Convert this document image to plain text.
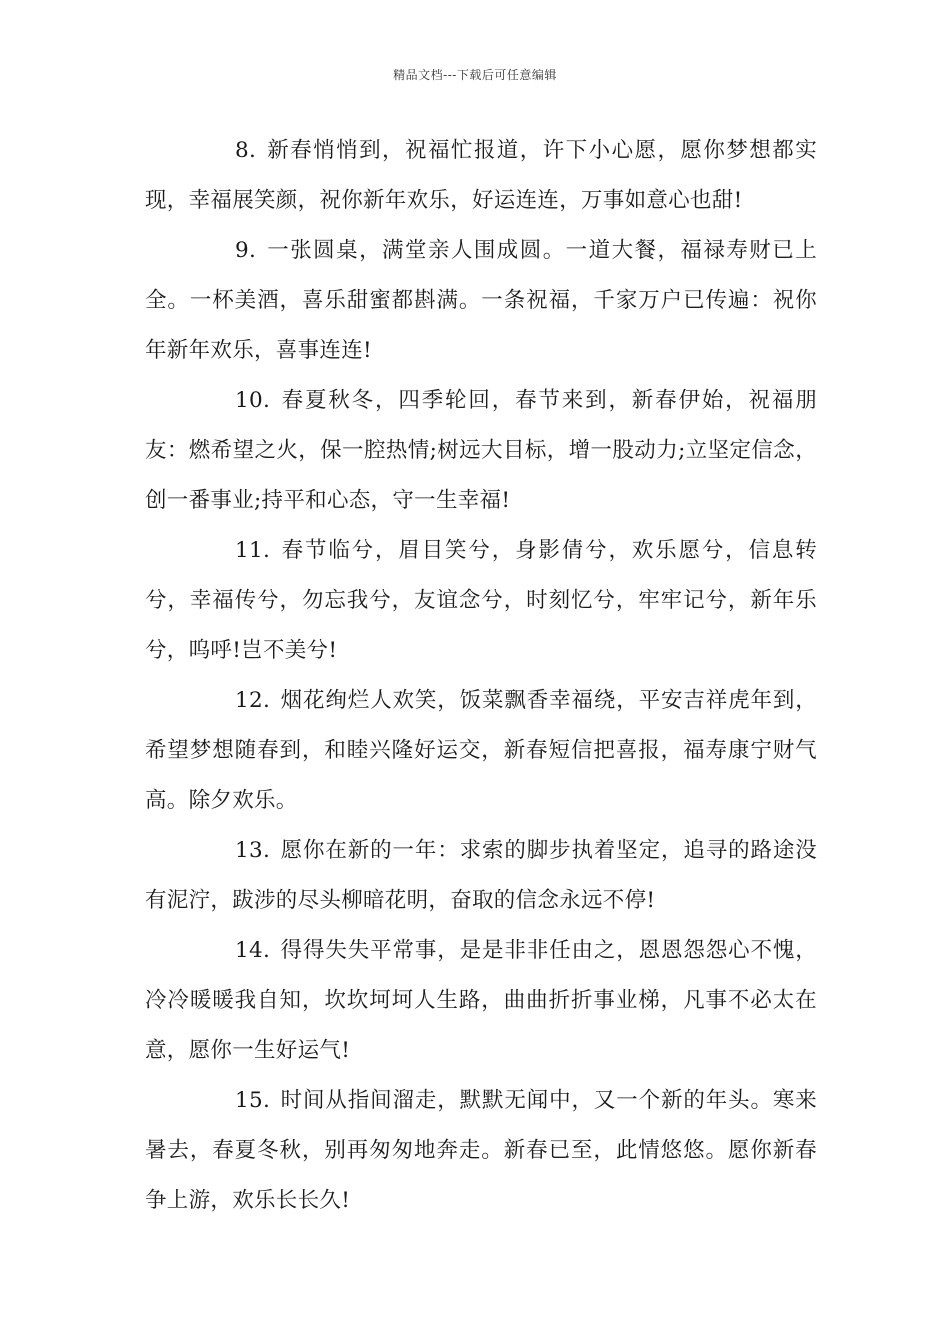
精品文档---下载后可任意编辑

8. 新春悄悄到，祝福忙报道，许下小心愿，愿你梦想都实现，幸福展笑颜，祝你新年欢乐，好运连连，万事如意心也甜!

9. 一张圆桌，满堂亲人围成圆。一道大餐，福禄寿财已上全。一杯美酒，喜乐甜蜜都斟满。一条祝福，千家万户已传遍：祝你年新年欢乐，喜事连连!

10. 春夏秋冬，四季轮回，春节来到，新春伊始，祝福朋友：燃希望之火，保一腔热情;树远大目标，增一股动力;立坚定信念，创一番事业;持平和心态，守一生幸福!

11. 春节临兮，眉目笑兮，身影倩兮，欢乐愿兮，信息转兮，幸福传兮，勿忘我兮，友谊念兮，时刻忆兮，牢牢记兮，新年乐兮，呜呼!岂不美兮!

12. 烟花绚烂人欢笑，饭菜飘香幸福绕，平安吉祥虎年到，希望梦想随春到，和睦兴隆好运交，新春短信把喜报，福寿康宁财气高。除夕欢乐。

13. 愿你在新的一年：求索的脚步执着坚定，追寻的路途没有泥泞，跋涉的尽头柳暗花明，奋取的信念永远不停!

14. 得得失失平常事，是是非非任由之，恩恩怨怨心不愧，冷冷暖暖我自知，坎坎坷坷人生路，曲曲折折事业梯，凡事不必太在意，愿你一生好运气!

15. 时间从指间溜走，默默无闻中，又一个新的年头。寒来暑去，春夏冬秋，别再匆匆地奔走。新春已至，此情悠悠。愿你新春争上游，欢乐长长久!
